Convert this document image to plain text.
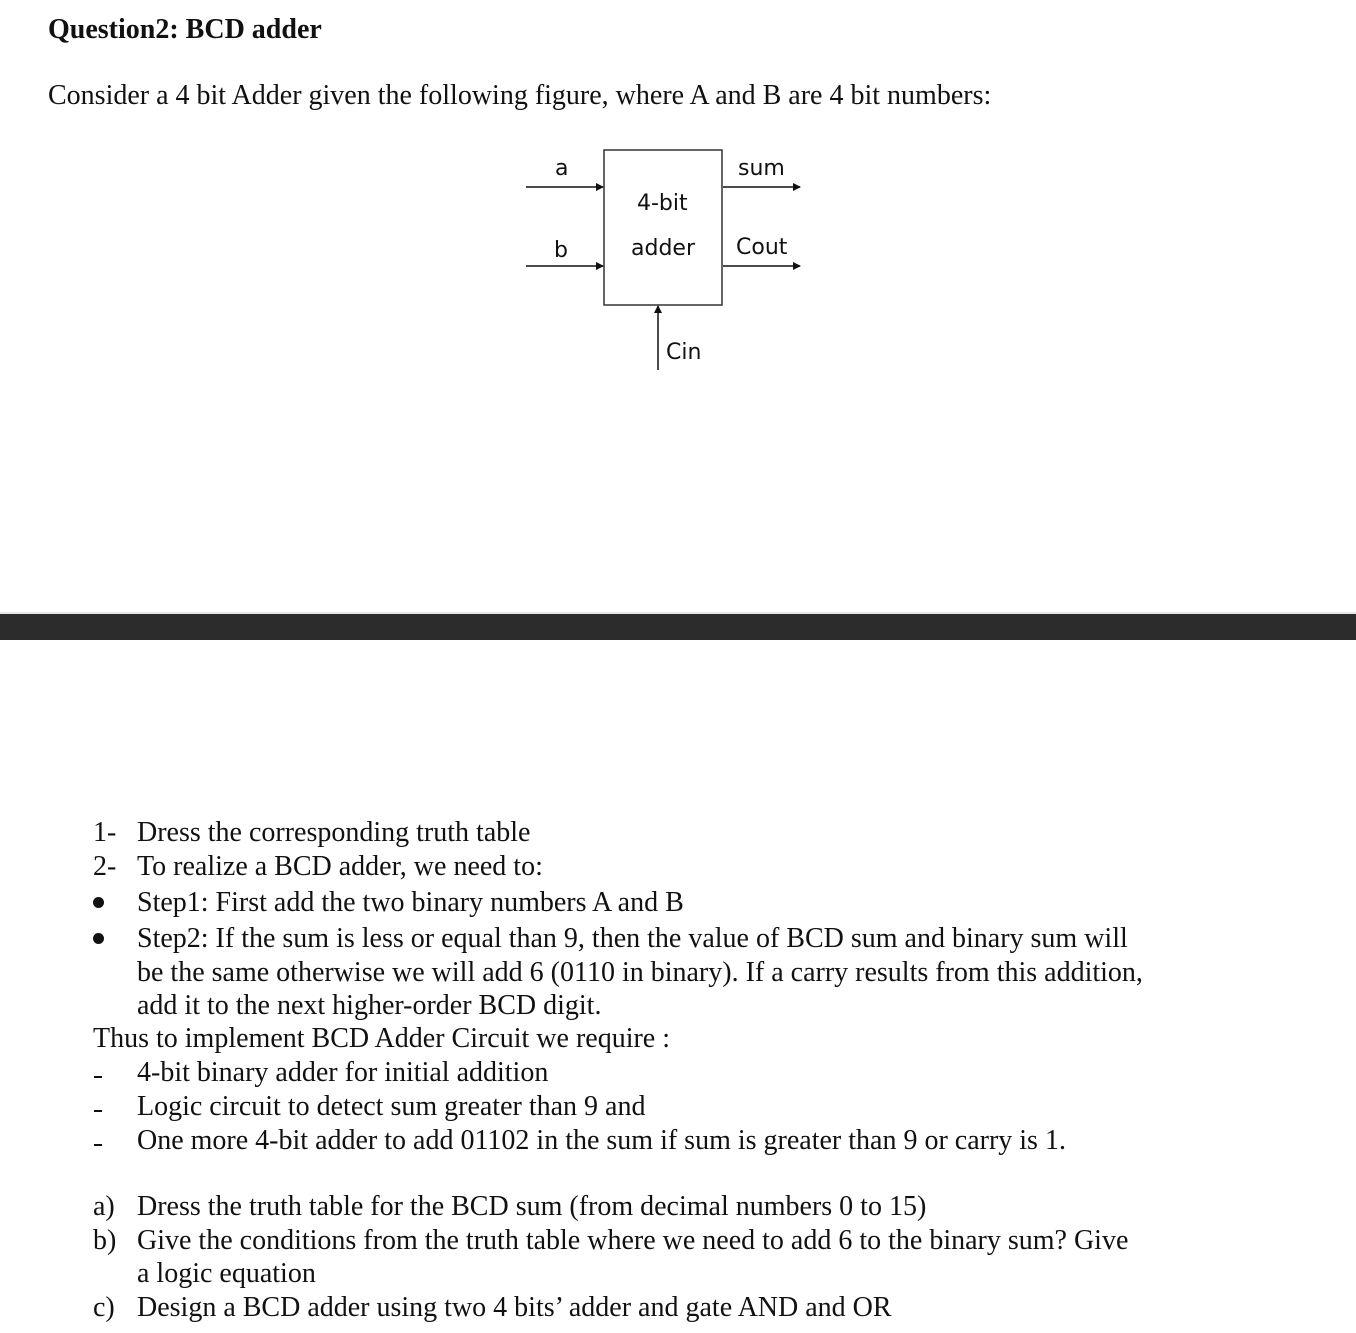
Question2: BCD adder
Consider a 4 bit Adder given the following figure, where A and B are 4 bit numbers:
a
b
4-bit
adder
sum
Cout
Cin
1- Dress the corresponding truth table
2- To realize a BCD adder, we need to:
Step1: First add the two binary numbers A and B
Step2: If the sum is less or equal than 9, then the value of BCD sum and binary sum will
be the same otherwise we will add 6 (0110 in binary). If a carry results from this addition,
add it to the next higher-order BCD digit.
Thus to implement BCD Adder Circuit we require :
4-bit binary adder for initial addition
Logic circuit to detect sum greater than 9 and
One more 4-bit adder to add 01102 in the sum if sum is greater than 9 or carry is 1.
a) Dress the truth table for the BCD sum (from decimal numbers 0 to 15)
b) Give the conditions from the truth table where we need to add 6 to the binary sum? Give
a logic equation
c) Design a BCD adder using two 4 bits’ adder and gate AND and OR
